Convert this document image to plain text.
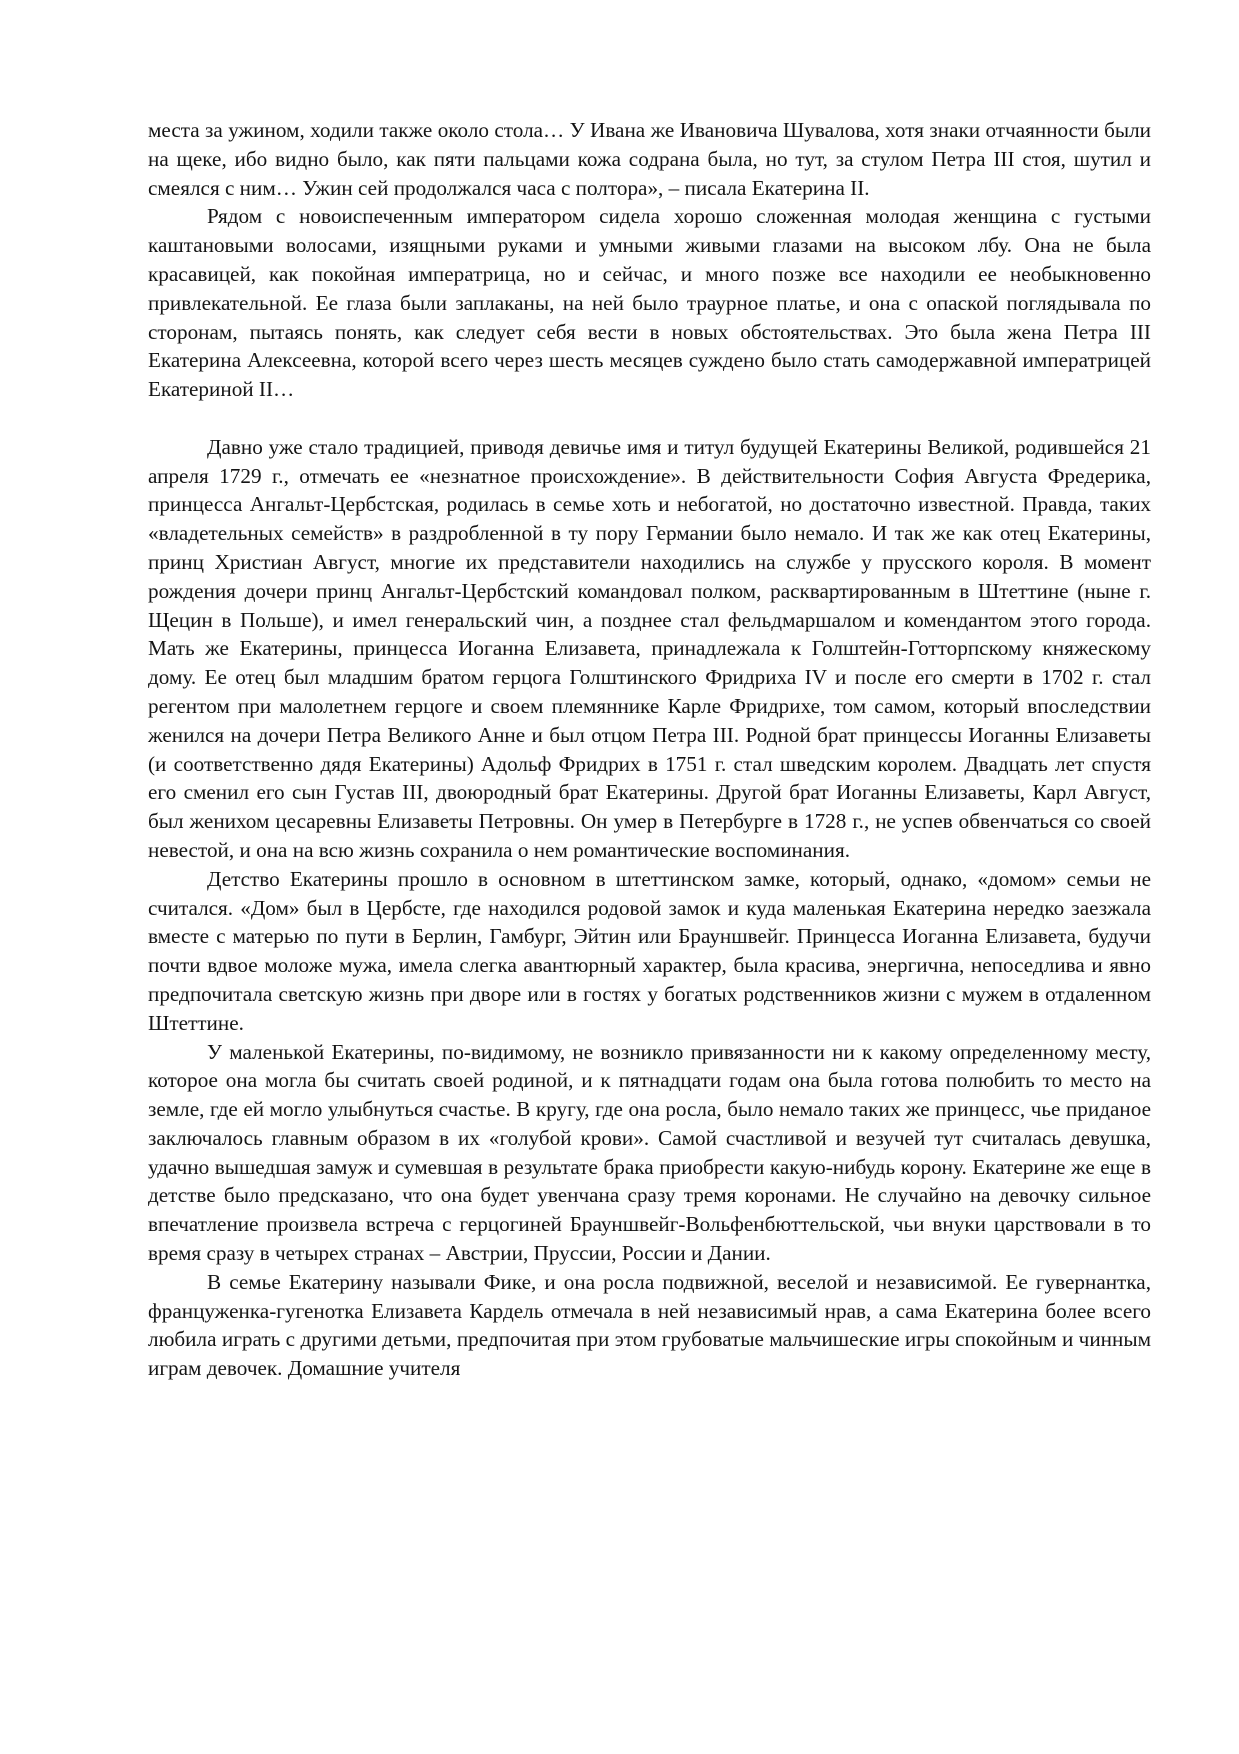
места за ужином, ходили также около стола… У Ивана же Ивановича Шувалова, хотя знаки отчаянности были на щеке, ибо видно было, как пяти пальцами кожа содрана была, но тут, за стулом Петра III стоя, шутил и смеялся с ним… Ужин сей продолжался часа с полтора», – писала Екатерина II.

Рядом с новоиспеченным императором сидела хорошо сложенная молодая женщина с густыми каштановыми волосами, изящными руками и умными живыми глазами на высоком лбу. Она не была красавицей, как покойная императрица, но и сейчас, и много позже все находили ее необыкновенно привлекательной. Ее глаза были заплаканы, на ней было траурное платье, и она с опаской поглядывала по сторонам, пытаясь понять, как следует себя вести в новых обстоятельствах. Это была жена Петра III Екатерина Алексеевна, которой всего через шесть месяцев суждено было стать самодержавной императрицей Екатериной II…

Давно уже стало традицией, приводя девичье имя и титул будущей Екатерины Великой, родившейся 21 апреля 1729 г., отмечать ее «незнатное происхождение». В действительности София Августа Фредерика, принцесса Ангальт-Цербстская, родилась в семье хоть и небогатой, но достаточно известной. Правда, таких «владетельных семейств» в раздробленной в ту пору Германии было немало. И так же как отец Екатерины, принц Христиан Август, многие их представители находились на службе у прусского короля. В момент рождения дочери принц Ангальт-Цербстский командовал полком, расквартированным в Штеттине (ныне г. Щецин в Польше), и имел генеральский чин, а позднее стал фельдмаршалом и комендантом этого города. Мать же Екатерины, принцесса Иоганна Елизавета, принадлежала к Голштейн-Готторпскому княжескому дому. Ее отец был младшим братом герцога Голштинского Фридриха IV и после его смерти в 1702 г. стал регентом при малолетнем герцоге и своем племяннике Карле Фридрихе, том самом, который впоследствии женился на дочери Петра Великого Анне и был отцом Петра III. Родной брат принцессы Иоганны Елизаветы (и соответственно дядя Екатерины) Адольф Фридрих в 1751 г. стал шведским королем. Двадцать лет спустя его сменил его сын Густав III, двоюродный брат Екатерины. Другой брат Иоганны Елизаветы, Карл Август, был женихом цесаревны Елизаветы Петровны. Он умер в Петербурге в 1728 г., не успев обвенчаться со своей невестой, и она на всю жизнь сохранила о нем романтические воспоминания.

Детство Екатерины прошло в основном в штеттинском замке, который, однако, «домом» семьи не считался. «Дом» был в Цербсте, где находился родовой замок и куда маленькая Екатерина нередко заезжала вместе с матерью по пути в Берлин, Гамбург, Эйтин или Брауншвейг. Принцесса Иоганна Елизавета, будучи почти вдвое моложе мужа, имела слегка авантюрный характер, была красива, энергична, непоседлива и явно предпочитала светскую жизнь при дворе или в гостях у богатых родственников жизни с мужем в отдаленном Штеттине.

У маленькой Екатерины, по-видимому, не возникло привязанности ни к какому определенному месту, которое она могла бы считать своей родиной, и к пятнадцати годам она была готова полюбить то место на земле, где ей могло улыбнуться счастье. В кругу, где она росла, было немало таких же принцесс, чье приданое заключалось главным образом в их «голубой крови». Самой счастливой и везучей тут считалась девушка, удачно вышедшая замуж и сумевшая в результате брака приобрести какую-нибудь корону. Екатерине же еще в детстве было предсказано, что она будет увенчана сразу тремя коронами. Не случайно на девочку сильное впечатление произвела встреча с герцогиней Брауншвейг-Вольфенбюттельской, чьи внуки царствовали в то время сразу в четырех странах – Австрии, Пруссии, России и Дании.

В семье Екатерину называли Фике, и она росла подвижной, веселой и независимой. Ее гувернантка, француженка-гугенотка Елизавета Кардель отмечала в ней независимый нрав, а сама Екатерина более всего любила играть с другими детьми, предпочитая при этом грубоватые мальчишеские игры спокойным и чинным играм девочек. Домашние учителя
